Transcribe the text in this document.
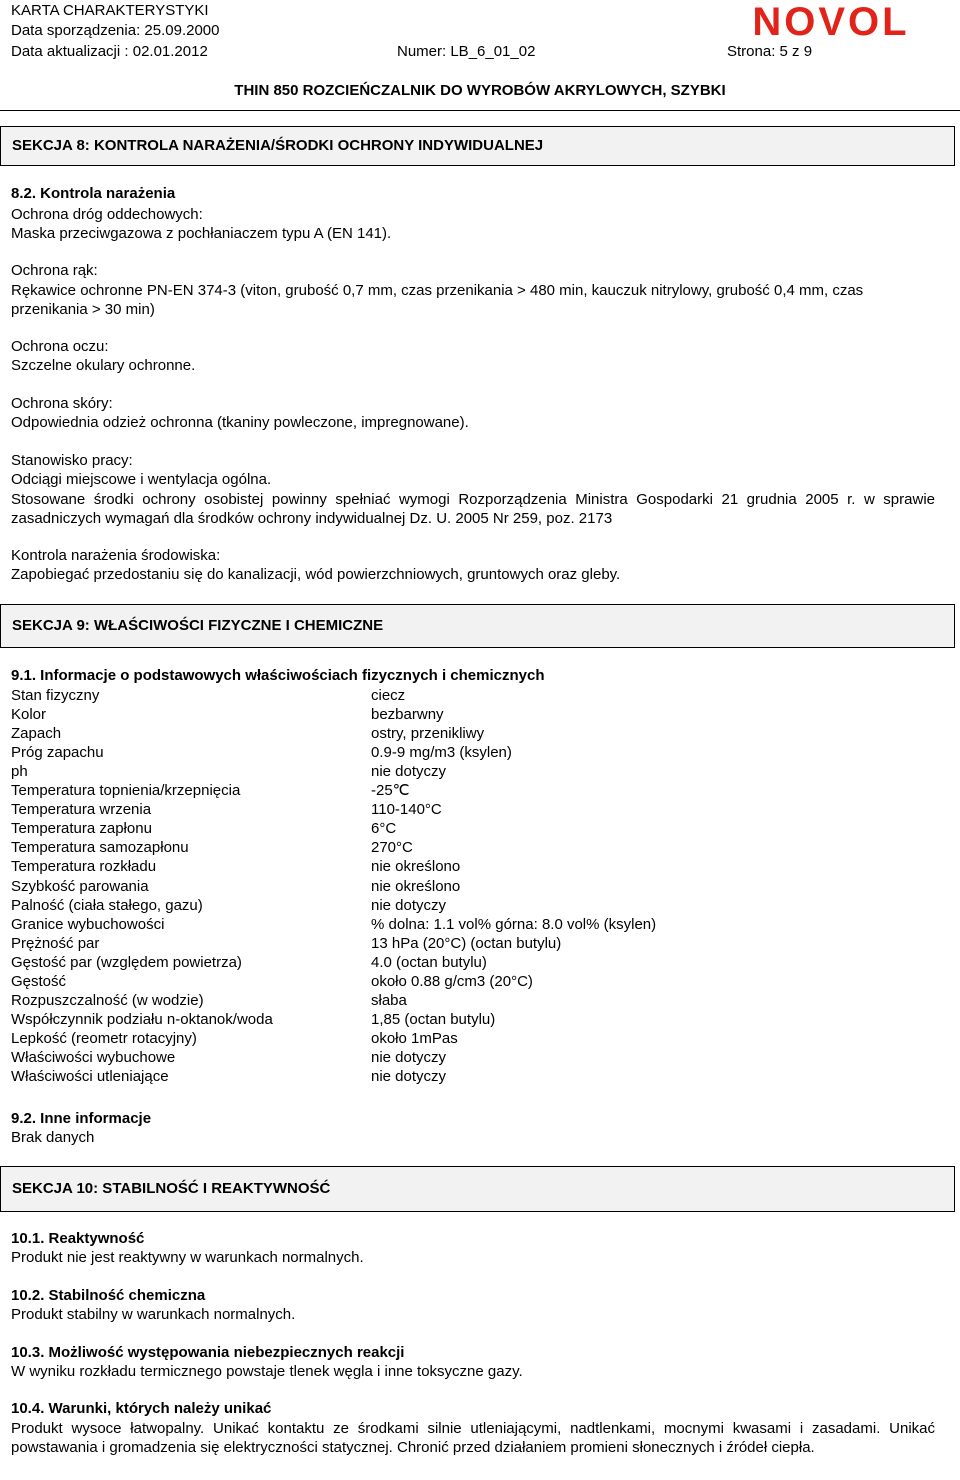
KARTA CHARAKTERYSTYKI
Data sporządzenia: 25.09.2000
Data aktualizacji : 02.01.2012	Numer: LB_6_01_02	Strona: 5 z 9
NOVOL
THIN 850 ROZCIEŃCZALNIK DO WYROBÓW AKRYLOWYCH, SZYBKI
SEKCJA 8: KONTROLA NARAŻENIA/ŚRODKI OCHRONY INDYWIDUALNEJ
8.2. Kontrola narażenia
Ochrona dróg oddechowych:
Maska przeciwgazowa z pochłaniaczem typu A (EN 141).
Ochrona rąk:
Rękawice ochronne PN-EN 374-3 (viton, grubość 0,7 mm, czas przenikania > 480 min, kauczuk nitrylowy, grubość 0,4 mm, czas przenikania > 30 min)
Ochrona oczu:
Szczelne okulary ochronne.
Ochrona skóry:
Odpowiednia odzież ochronna (tkaniny powleczone, impregnowane).
Stanowisko pracy:
Odciągi miejscowe i wentylacja ogólna.
Stosowane środki ochrony osobistej powinny spełniać wymogi Rozporządzenia Ministra Gospodarki 21 grudnia 2005 r. w sprawie zasadniczych wymagań dla środków ochrony indywidualnej Dz. U. 2005 Nr 259, poz. 2173
Kontrola narażenia środowiska:
Zapobiegać przedostaniu się do kanalizacji, wód powierzchniowych, gruntowych oraz gleby.
SEKCJA 9: WŁAŚCIWOŚCI FIZYCZNE I CHEMICZNE
9.1. Informacje o podstawowych właściwościach fizycznych i chemicznych
Stan fizyczny	ciecz
Kolor	bezbarwny
Zapach	ostry, przenikliwy
Próg zapachu	0.9-9 mg/m3 (ksylen)
ph	nie dotyczy
Temperatura topnienia/krzepnięcia	-25℃
Temperatura wrzenia	110-140°C
Temperatura zapłonu	6°C
Temperatura samozapłonu	270°C
Temperatura rozkładu	nie określono
Szybkość parowania	nie określono
Palność (ciała stałego, gazu)	nie dotyczy
Granice wybuchowości	% dolna: 1.1 vol% górna: 8.0 vol% (ksylen)
Prężność par	13 hPa (20°C) (octan butylu)
Gęstość par (względem powietrza)	4.0 (octan butylu)
Gęstość	około 0.88 g/cm3 (20°C)
Rozpuszczalność (w wodzie)	słaba
Współczynnik podziału n-oktanok/woda	1,85 (octan butylu)
Lepkość (reometr rotacyjny)	około 1mPas
Właściwości wybuchowe	nie dotyczy
Właściwości utleniające	nie dotyczy
9.2. Inne informacje
Brak danych
SEKCJA 10: STABILNOŚĆ I REAKTYWNOŚĆ
10.1. Reaktywność
Produkt nie jest reaktywny w warunkach normalnych.
10.2. Stabilność chemiczna
Produkt stabilny w warunkach normalnych.
10.3. Możliwość występowania niebezpiecznych reakcji
W wyniku rozkładu termicznego powstaje tlenek węgla i inne toksyczne gazy.
10.4. Warunki, których należy unikać
Produkt wysoce łatwopalny. Unikać kontaktu ze środkami silnie utleniającymi, nadtlenkami, mocnymi kwasami i zasadami. Unikać powstawania i gromadzenia się elektryczności statycznej. Chronić przed działaniem promieni słonecznych i źródeł ciepła.
